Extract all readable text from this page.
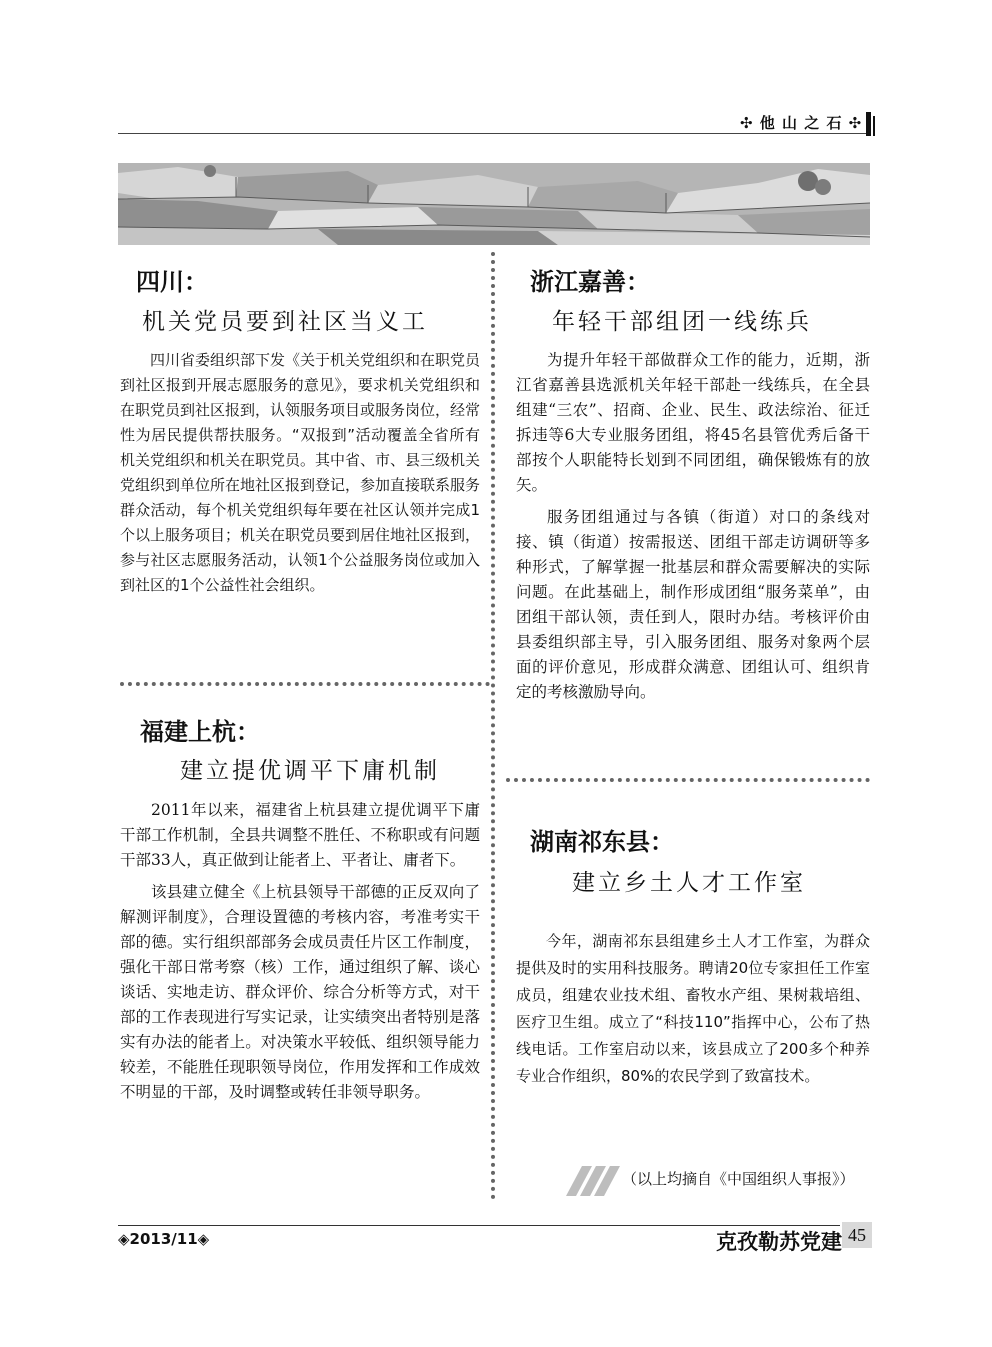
✣ 他 山 之 石 ✣
四川：
机关党员要到社区当义工

四川省委组织部下发《关于机关党组织和在职党员到社区报到开展志愿服务的意见》，要求机关党组织和在职党员到社区报到，认领服务项目或服务岗位，经常性为居民提供帮扶服务。“双报到”活动覆盖全省所有机关党组织和机关在职党员。其中省、市、县三级机关党组织到单位所在地社区报到登记，参加直接联系服务群众活动，每个机关党组织每年要在社区认领并完成1个以上服务项目；机关在职党员要到居住地社区报到，参与社区志愿服务活动，认领1个公益服务岗位或加入到社区的1个公益性社会组织。

福建上杭：
建立提优调平下庸机制

2011年以来，福建省上杭县建立提优调平下庸干部工作机制，全县共调整不胜任、不称职或有问题干部33人，真正做到让能者上、平者让、庸者下。

该县建立健全《上杭县领导干部德的正反双向了解测评制度》，合理设置德的考核内容，考准考实干部的德。实行组织部部务会成员责任片区工作制度，强化干部日常考察（核）工作，通过组织了解、谈心谈话、实地走访、群众评价、综合分析等方式，对干部的工作表现进行写实记录，让实绩突出者特别是落实有办法的能者上。对决策水平较低、组织领导能力较差，不能胜任现职领导岗位，作用发挥和工作成效不明显的干部，及时调整或转任非领导职务。

浙江嘉善：
年轻干部组团一线练兵

为提升年轻干部做群众工作的能力，近期，浙江省嘉善县选派机关年轻干部赴一线练兵，在全县组建“三农”、招商、企业、民生、政法综治、征迁拆违等6大专业服务团组，将45名县管优秀后备干部按个人职能特长划到不同团组，确保锻炼有的放矢。

服务团组通过与各镇（街道）对口的条线对接、镇（街道）按需报送、团组干部走访调研等多种形式，了解掌握一批基层和群众需要解决的实际问题。在此基础上，制作形成团组“服务菜单”，由团组干部认领，责任到人，限时办结。考核评价由县委组织部主导，引入服务团组、服务对象两个层面的评价意见，形成群众满意、团组认可、组织肯定的考核激励导向。

湖南祁东县：
建立乡土人才工作室

今年，湖南祁东县组建乡土人才工作室，为群众提供及时的实用科技服务。聘请20位专家担任工作室成员，组建农业技术组、畜牧水产组、果树栽培组、医疗卫生组。成立了“科技110”指挥中心，公布了热线电话。工作室启动以来，该县成立了200多个种养专业合作组织，80%的农民学到了致富技术。

（以上均摘自《中国组织人事报》）
◈2013/11◈	克孜勒苏党建 45
